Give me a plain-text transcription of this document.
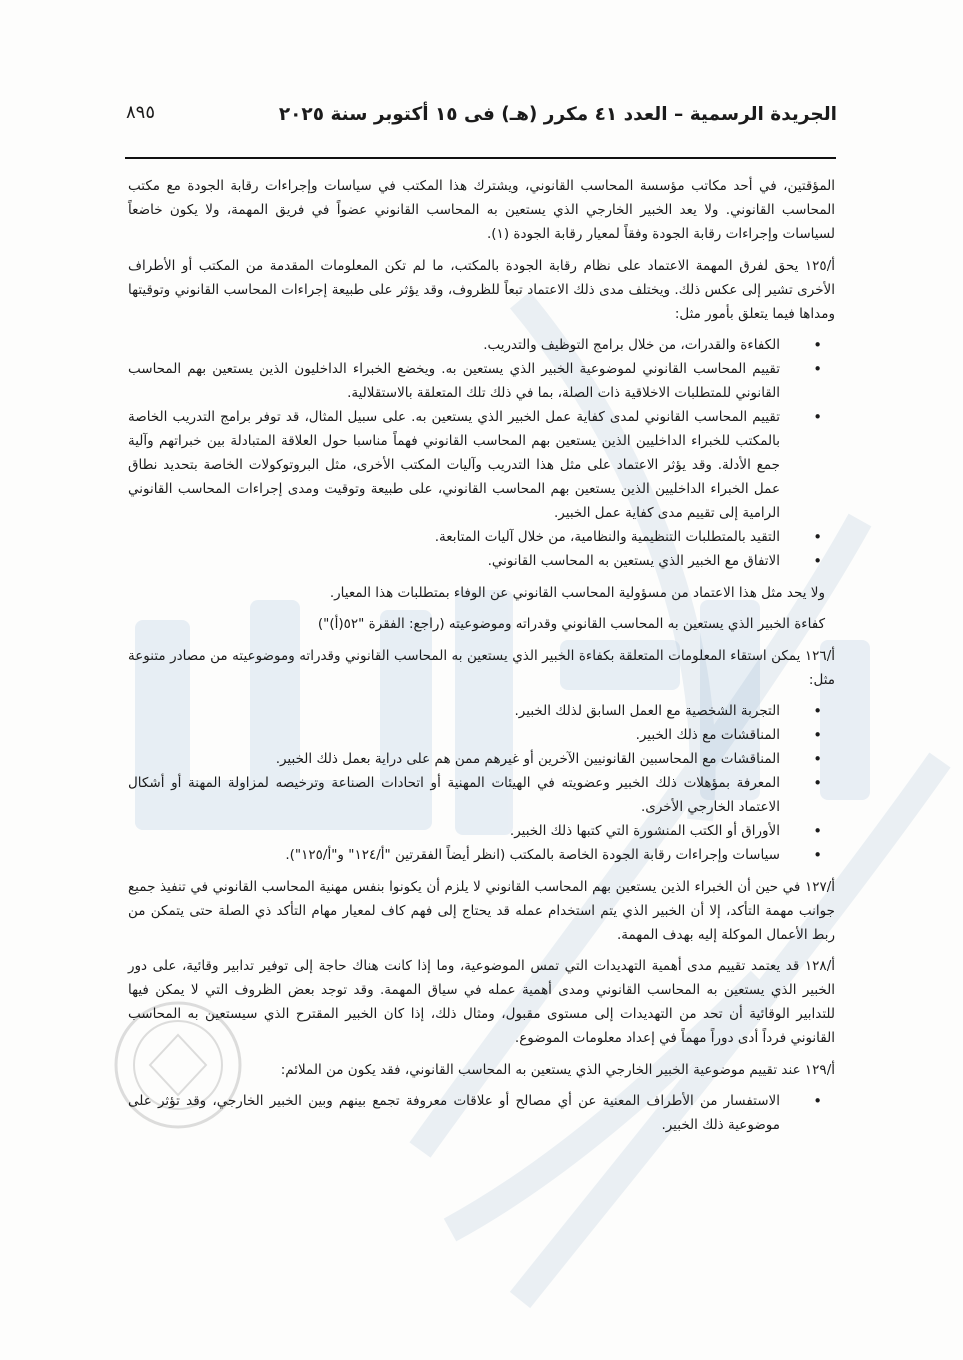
٨٩٥	الجريدة الرسمية – العدد ٤١ مكرر (هـ) فى ١٥ أكتوبر سنة ٢٠٢٥

المؤقتين، في أحد مكاتب مؤسسة المحاسب القانوني، ويشترك هذا المكتب في سياسات وإجراءات رقابة الجودة مع مكتب المحاسب القانوني. ولا يعد الخبير الخارجي الذي يستعين به المحاسب القانوني عضواً في فريق المهمة، ولا يكون خاضعاً لسياسات وإجراءات رقابة الجودة وفقاً لمعيار رقابة الجودة (١).

أ/١٢٥ يحق لفرق المهمة الاعتماد على نظام رقابة الجودة بالمكتب، ما لم تكن المعلومات المقدمة من المكتب أو الأطراف الأخرى تشير إلى عكس ذلك. ويختلف مدى ذلك الاعتماد تبعاً للظروف، وقد يؤثر على طبيعة إجراءات المحاسب القانوني وتوقيتها ومداها فيما يتعلق بأمور مثل:

• الكفاءة والقدرات، من خلال برامج التوظيف والتدريب.
• تقييم المحاسب القانوني لموضوعية الخبير الذي يستعين به. ويخضع الخبراء الداخليون الذين يستعين بهم المحاسب القانوني للمتطلبات الاخلاقية ذات الصلة، بما في ذلك تلك المتعلقة بالاستقلالية.
• تقييم المحاسب القانوني لمدى كفاية عمل الخبير الذي يستعين به. على سبيل المثال، قد توفر برامج التدريب الخاصة بالمكتب للخبراء الداخليين الذين يستعين بهم المحاسب القانوني فهماً مناسبا حول العلاقة المتبادلة بين خبراتهم وآلية جمع الأدلة. وقد يؤثر الاعتماد على مثل هذا التدريب وآليات المكتب الأخرى، مثل البروتوكولات الخاصة بتحديد نطاق عمل الخبراء الداخليين الذين يستعين بهم المحاسب القانوني، على طبيعة وتوقيت ومدى إجراءات المحاسب القانوني الرامية إلى تقييم مدى كفاية عمل الخبير.
• التقيد بالمتطلبات التنظيمية والنظامية، من خلال آليات المتابعة.
• الاتفاق مع الخبير الذي يستعين به المحاسب القانوني.

ولا يحد مثل هذا الاعتماد من مسؤولية المحاسب القانوني عن الوفاء بمتطلبات هذا المعيار.

كفاءة الخبير الذي يستعين به المحاسب القانوني وقدراته وموضوعيته (راجع: الفقرة "٥٢(أ)")

أ/١٢٦ يمكن استقاء المعلومات المتعلقة بكفاءة الخبير الذي يستعين به المحاسب القانوني وقدراته وموضوعيته من مصادر متنوعة مثل:

• التجربة الشخصية مع العمل السابق لذلك الخبير.
• المناقشات مع ذلك الخبير.
• المناقشات مع المحاسبين القانونيين الآخرين أو غيرهم ممن هم على دراية بعمل ذلك الخبير.
• المعرفة بمؤهلات ذلك الخبير وعضويته في الهيئات المهنية أو اتحادات الصناعة وترخيصه لمزاولة المهنة أو أشكال الاعتماد الخارجي الأخرى.
• الأوراق أو الكتب المنشورة التي كتبها ذلك الخبير.
• سياسات وإجراءات رقابة الجودة الخاصة بالمكتب (انظر أيضاً الفقرتين "أ/١٢٤" و"أ/١٢٥").

أ/١٢٧ في حين أن الخبراء الذين يستعين بهم المحاسب القانوني لا يلزم أن يكونوا بنفس مهنية المحاسب القانوني في تنفيذ جميع جوانب مهمة التأكد، إلا أن الخبير الذي يتم استخدام عمله قد يحتاج إلى فهم كاف لمعيار مهام التأكد ذي الصلة حتى يتمكن من ربط الأعمال الموكلة إليه بهدف المهمة.

أ/١٢٨ قد يعتمد تقييم مدى أهمية التهديدات التي تمس الموضوعية، وما إذا كانت هناك حاجة إلى توفير تدابير وقائية، على دور الخبير الذي يستعين به المحاسب القانوني ومدى أهمية عمله في سياق المهمة. وقد توجد بعض الظروف التي لا يمكن فيها للتدابير الوقائية أن تحد من التهديدات إلى مستوى مقبول، ومثال ذلك، إذا كان الخبير المقترح الذي سيستعين به المحاسب القانوني فرداً أدى دوراً مهماً في إعداد معلومات الموضوع.

أ/١٢٩ عند تقييم موضوعية الخبير الخارجي الذي يستعين به المحاسب القانوني، فقد يكون من الملائم:

• الاستفسار من الأطراف المعنية عن أي مصالح أو علاقات معروفة تجمع بينهم وبين الخبير الخارجي، وقد تؤثر على موضوعية ذلك الخبير.
